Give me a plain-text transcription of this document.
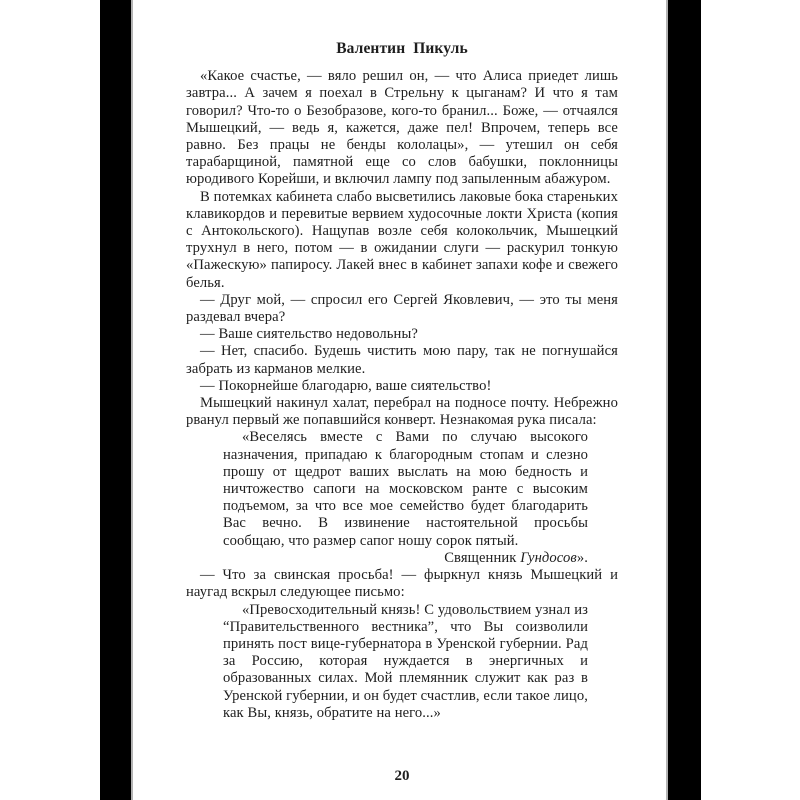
Валентин Пикуль

«Какое счастье, — вяло решил он, — что Алиса приедет лишь завтра... А зачем я поехал в Стрельну к цыганам? И что я там говорил? Что-то о Безобразове, кого-то бранил... Боже, — отчаялся Мышецкий, — ведь я, кажется, даже пел! Впрочем, теперь все равно. Без працы не бенды кололацы», — утешил он себя тарабарщиной, памятной еще со слов бабушки, поклонницы юродивого Корейши, и включил лампу под запыленным абажуром.

В потемках кабинета слабо высветились лаковые бока стареньких клавикордов и перевитые вервием худосочные локти Христа (копия с Антокольского). Нащупав возле себя колокольчик, Мышецкий трухнул в него, потом — в ожидании слуги — раскурил тонкую «Пажескую» папиросу. Лакей внес в кабинет запахи кофе и свежего белья.

— Друг мой, — спросил его Сергей Яковлевич, — это ты меня раздевал вчера?

— Ваше сиятельство недовольны?

— Нет, спасибо. Будешь чистить мою пару, так не погнушайся забрать из карманов мелкие.

— Покорнейше благодарю, ваше сиятельство!

Мышецкий накинул халат, перебрал на подносе почту. Небрежно рванул первый же попавшийся конверт. Незнакомая рука писала:

«Веселясь вместе с Вами по случаю высокого назначения, припадаю к благородным стопам и слезно прошу от щедрот ваших выслать на мою бедность и ничтожество сапоги на московском ранте с высоким подъемом, за что все мое семейство будет благодарить Вас вечно. В извинение настоятельной просьбы сообщаю, что размер сапог ношу сорок пятый.

Священник Гундосов».

— Что за свинская просьба! — фыркнул князь Мышецкий и наугад вскрыл следующее письмо:

«Превосходительный князь! С удовольствием узнал из “Правительственного вестника”, что Вы соизволили принять пост вице-губернатора в Уренской губернии. Рад за Россию, которая нуждается в энергичных и образованных силах. Мой племянник служит как раз в Уренской губернии, и он будет счастлив, если такое лицо, как Вы, князь, обратите на него...»

20
